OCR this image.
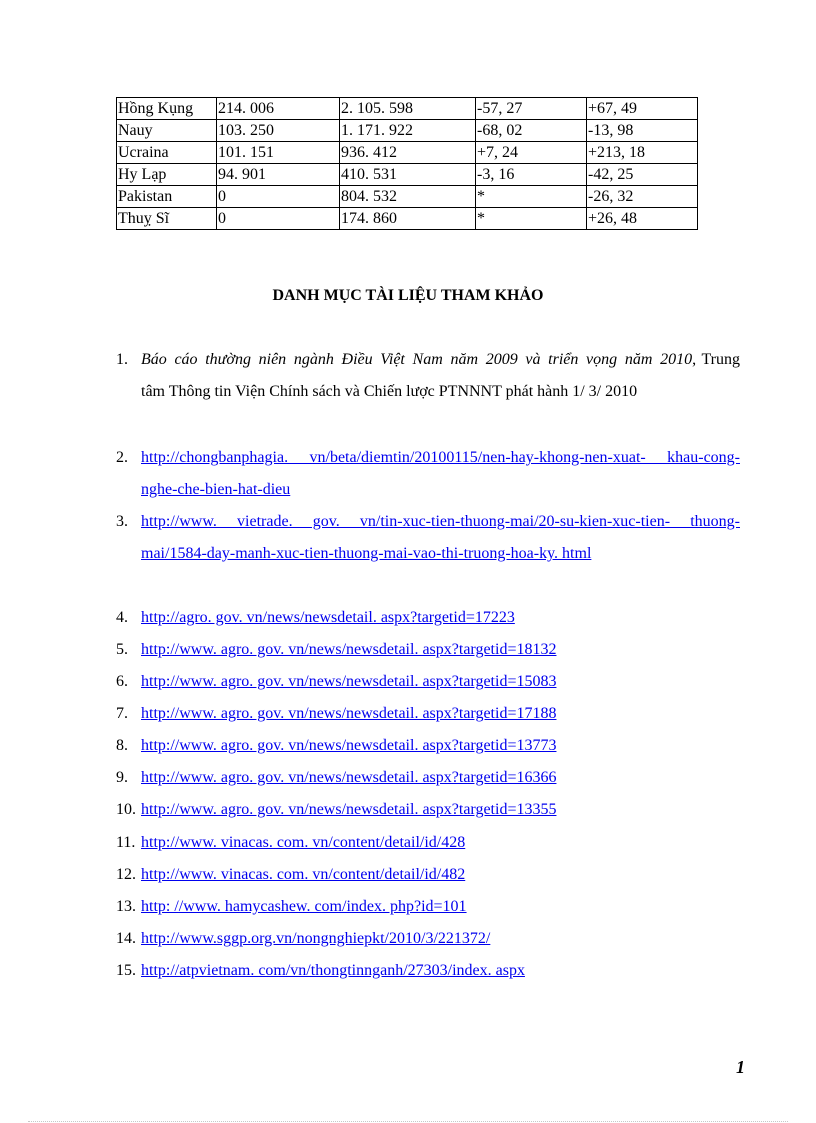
Hồng Kụng	214. 006	2. 105. 598	-57, 27	+67, 49
Nauy	103. 250	1. 171. 922	-68, 02	-13, 98
Ucraina	101. 151	936. 412	+7, 24	+213, 18
Hy Lạp	94. 901	410. 531	-3, 16	-42, 25
Pakistan	0	804. 532	*	-26, 32
Thuỵ Sĩ	0	174. 860	*	+26, 48
DANH MỤC TÀI LIỆU THAM KHẢO
1. Báo cáo thường niên ngành Điều Việt Nam năm 2009 và triển vọng năm 2010, Trung tâm Thông tin Viện Chính sách và Chiến lược PTNNNT phát hành 1/ 3/ 2010
2. http://chongbanphagia. vn/beta/diemtin/20100115/nen-hay-khong-nen-xuat- khau-cong-nghe-che-bien-hat-dieu
3. http://www. vietrade. gov. vn/tin-xuc-tien-thuong-mai/20-su-kien-xuc-tien- thuong-mai/1584-day-manh-xuc-tien-thuong-mai-vao-thi-truong-hoa-ky. html
4. http://agro. gov. vn/news/newsdetail. aspx?targetid=17223
5. http://www. agro. gov. vn/news/newsdetail. aspx?targetid=18132
6. http://www. agro. gov. vn/news/newsdetail. aspx?targetid=15083
7. http://www. agro. gov. vn/news/newsdetail. aspx?targetid=17188
8. http://www. agro. gov. vn/news/newsdetail. aspx?targetid=13773
9. http://www. agro. gov. vn/news/newsdetail. aspx?targetid=16366
10. http://www. agro. gov. vn/news/newsdetail. aspx?targetid=13355
11. http://www. vinacas. com. vn/content/detail/id/428
12. http://www. vinacas. com. vn/content/detail/id/482
13. http: //www. hamycashew. com/index. php?id=101
14. http://www.sggp.org.vn/nongnghiepkt/2010/3/221372/
15. http://atpvietnam. com/vn/thongtinnganh/27303/index. aspx
1
